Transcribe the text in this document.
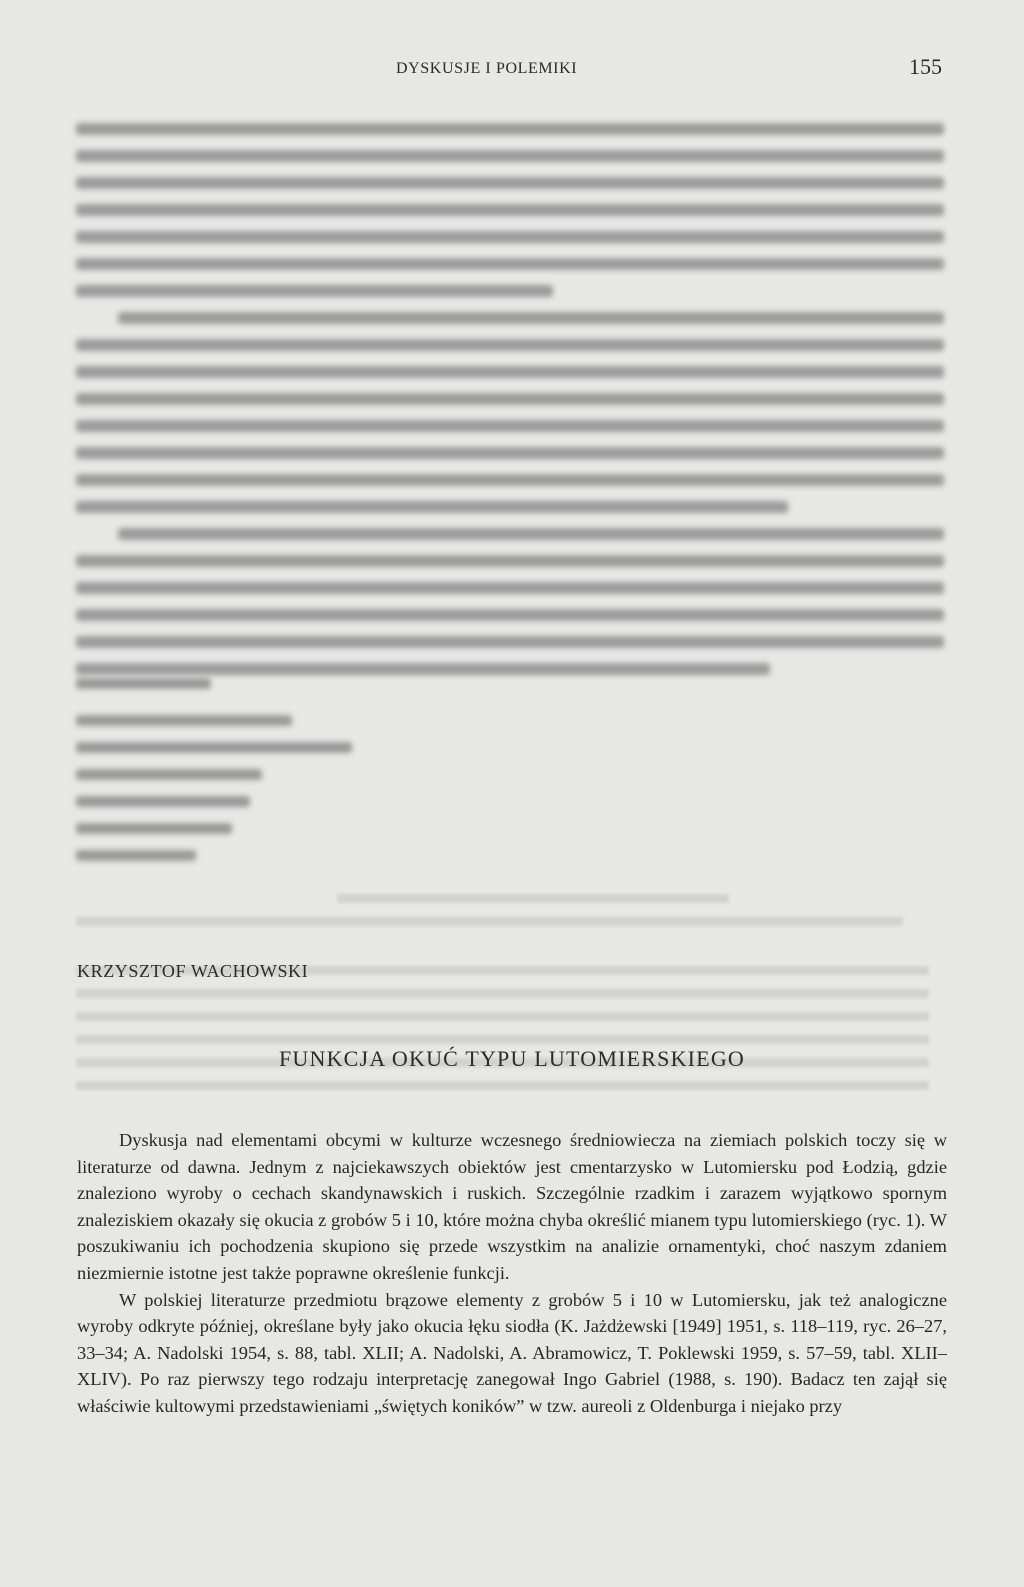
DYSKUSJE I POLEMIKI	155
KRZYSZTOF WACHOWSKI
FUNKCJA OKUĆ TYPU LUTOMIERSKIEGO

Dyskusja nad elementami obcymi w kulturze wczesnego średniowiecza na ziemiach polskich toczy się w literaturze od dawna. Jednym z najciekawszych obiektów jest cmentarzysko w Lutomiersku pod Łodzią, gdzie znaleziono wyroby o cechach skandynawskich i ruskich. Szczególnie rzadkim i zarazem wyjątkowo spornym znaleziskiem okazały się okucia z grobów 5 i 10, które można chyba określić mianem typu lutomierskiego (ryc. 1). W poszukiwaniu ich pochodzenia skupiono się przede wszystkim na analizie ornamentyki, choć naszym zdaniem niezmiernie istotne jest także poprawne określenie funkcji.

W polskiej literaturze przedmiotu brązowe elementy z grobów 5 i 10 w Lutomiersku, jak też analogiczne wyroby odkryte później, określane były jako okucia łęku siodła (K. Jażdżewski [1949] 1951, s. 118–119, ryc. 26–27, 33–34; A. Nadolski 1954, s. 88, tabl. XLII; A. Nadolski, A. Abramowicz, T. Poklewski 1959, s. 57–59, tabl. XLII–XLIV). Po raz pierwszy tego rodzaju interpretację zanegował Ingo Gabriel (1988, s. 190). Badacz ten zajął się właściwie kultowymi przedstawieniami „świętych koników” w tzw. aureoli z Oldenburga i niejako przy
